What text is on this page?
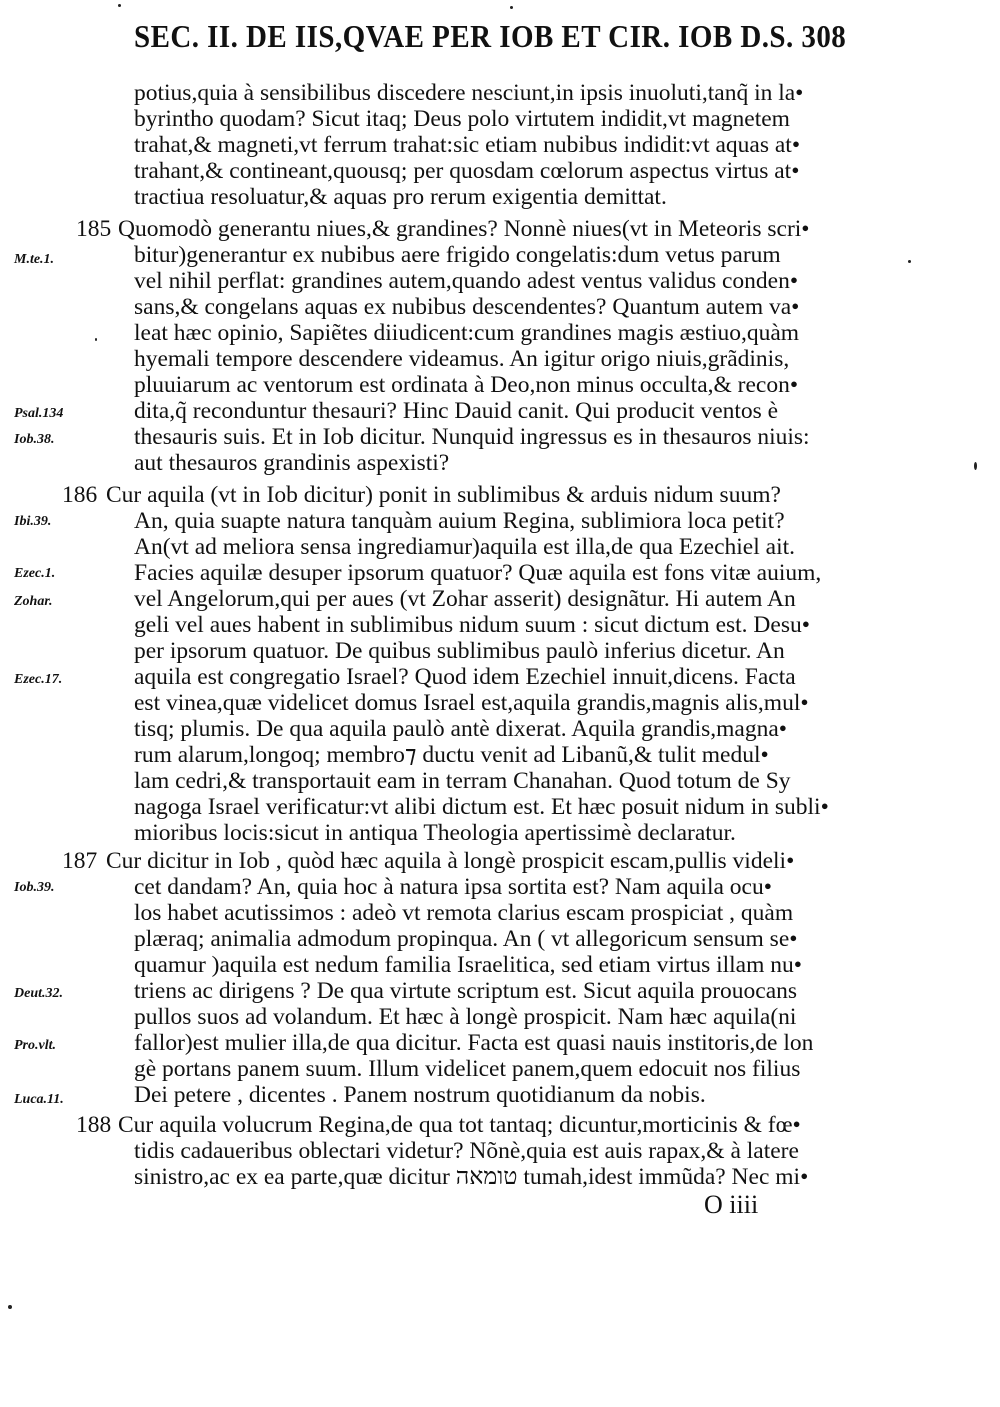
SEC. II. DE IIS,QVAE PER IOB ET CIR. IOB D.S. 308
potius,quia à sensibilibus discedere nesciunt,in ipsis inuoluti,tanq̃ in la•
byrintho quodam? Sicut itaq; Deus polo virtutem indidit,vt magnetem
trahat,& magneti,vt ferrum trahat:sic etiam nubibus indidit:vt aquas at•
trahant,& contineant,quousq; per quosdam cœlorum aspectus virtus at•
tractiua resoluatur,& aquas pro rerum exigentia demittat.
185 Quomodò generantu niues,& grandines? Nonnè niues(vt in Meteoris scri•
bitur)generantur ex nubibus aere frigido congelatis:dum vetus parum
vel nihil perflat: grandines autem,quando adest ventus validus conden•
sans,& congelans aquas ex nubibus descendentes? Quantum autem va•
leat hæc opinio, Sapiẽtes diiudicent:cum grandines magis æstiuo,quàm
hyemali tempore descendere videamus. An igitur origo niuis,grãdinis,
pluuiarum ac ventorum est ordinata à Deo,non minus occulta,& recon•
dita,q̃ reconduntur thesauri? Hinc Dauid canit. Qui producit ventos è
thesauris suis. Et in Iob dicitur. Nunquid ingressus es in thesauros niuis:
aut thesauros grandinis aspexisti?
186 Cur aquila (vt in Iob dicitur) ponit in sublimibus & arduis nidum suum?
An, quia suapte natura tanquàm auium Regina, sublimiora loca petit?
An(vt ad meliora sensa ingrediamur)aquila est illa,de qua Ezechiel ait.
Facies aquilæ desuper ipsorum quatuor? Quæ aquila est fons vitæ auium,
vel Angelorum,qui per aues (vt Zohar asserit) designãtur. Hi autem An
geli vel aues habent in sublimibus nidum suum : sicut dictum est. Desu•
per ipsorum quatuor. De quibus sublimibus paulò inferius dicetur. An
aquila est congregatio Israel? Quod idem Ezechiel innuit,dicens. Facta
est vinea,quæ videlicet domus Israel est,aquila grandis,magnis alis,mul•
tisq; plumis. De qua aquila paulò antè dixerat. Aquila grandis,magna•
rum alarum,longoq; membro⁊ ductu venit ad Libanũ,& tulit medul•
lam cedri,& transportauit eam in terram Chanahan. Quod totum de Sy
nagoga Israel verificatur:vt alibi dictum est. Et hæc posuit nidum in subli•
mioribus locis:sicut in antiqua Theologia apertissimè declaratur.
187 Cur dicitur in Iob , quòd hæc aquila à longè prospicit escam,pullis videli•
cet dandam? An, quia hoc à natura ipsa sortita est? Nam aquila ocu•
los habet acutissimos : adeò vt remota clarius escam prospiciat , quàm
plæraq; animalia admodum propinqua. An ( vt allegoricum sensum se•
quamur )aquila est nedum familia Israelitica, sed etiam virtus illam nu•
triens ac dirigens ? De qua virtute scriptum est. Sicut aquila prouocans
pullos suos ad volandum. Et hæc à longè prospicit. Nam hæc aquila(ni
fallor)est mulier illa,de qua dicitur. Facta est quasi nauis institoris,de lon
gè portans panem suum. Illum videlicet panem,quem edocuit nos filius
Dei petere , dicentes . Panem nostrum quotidianum da nobis.
188 Cur aquila volucrum Regina,de qua tot tantaq; dicuntur,morticinis & fœ•
tidis cadaueribus oblectari videtur? Nõnè,quia est auis rapax,& à latere
sinistro,ac ex ea parte,quæ dicitur טומאה tumah,idest immũda? Nec mi•
M.te.1.
Psal.134
Iob.38.
Ibi.39.
Ezec.1.
Zohar.
Ezec.17.
Iob.39.
Deut.32.
Pro.vlt.
Luca.11.
O iiii
